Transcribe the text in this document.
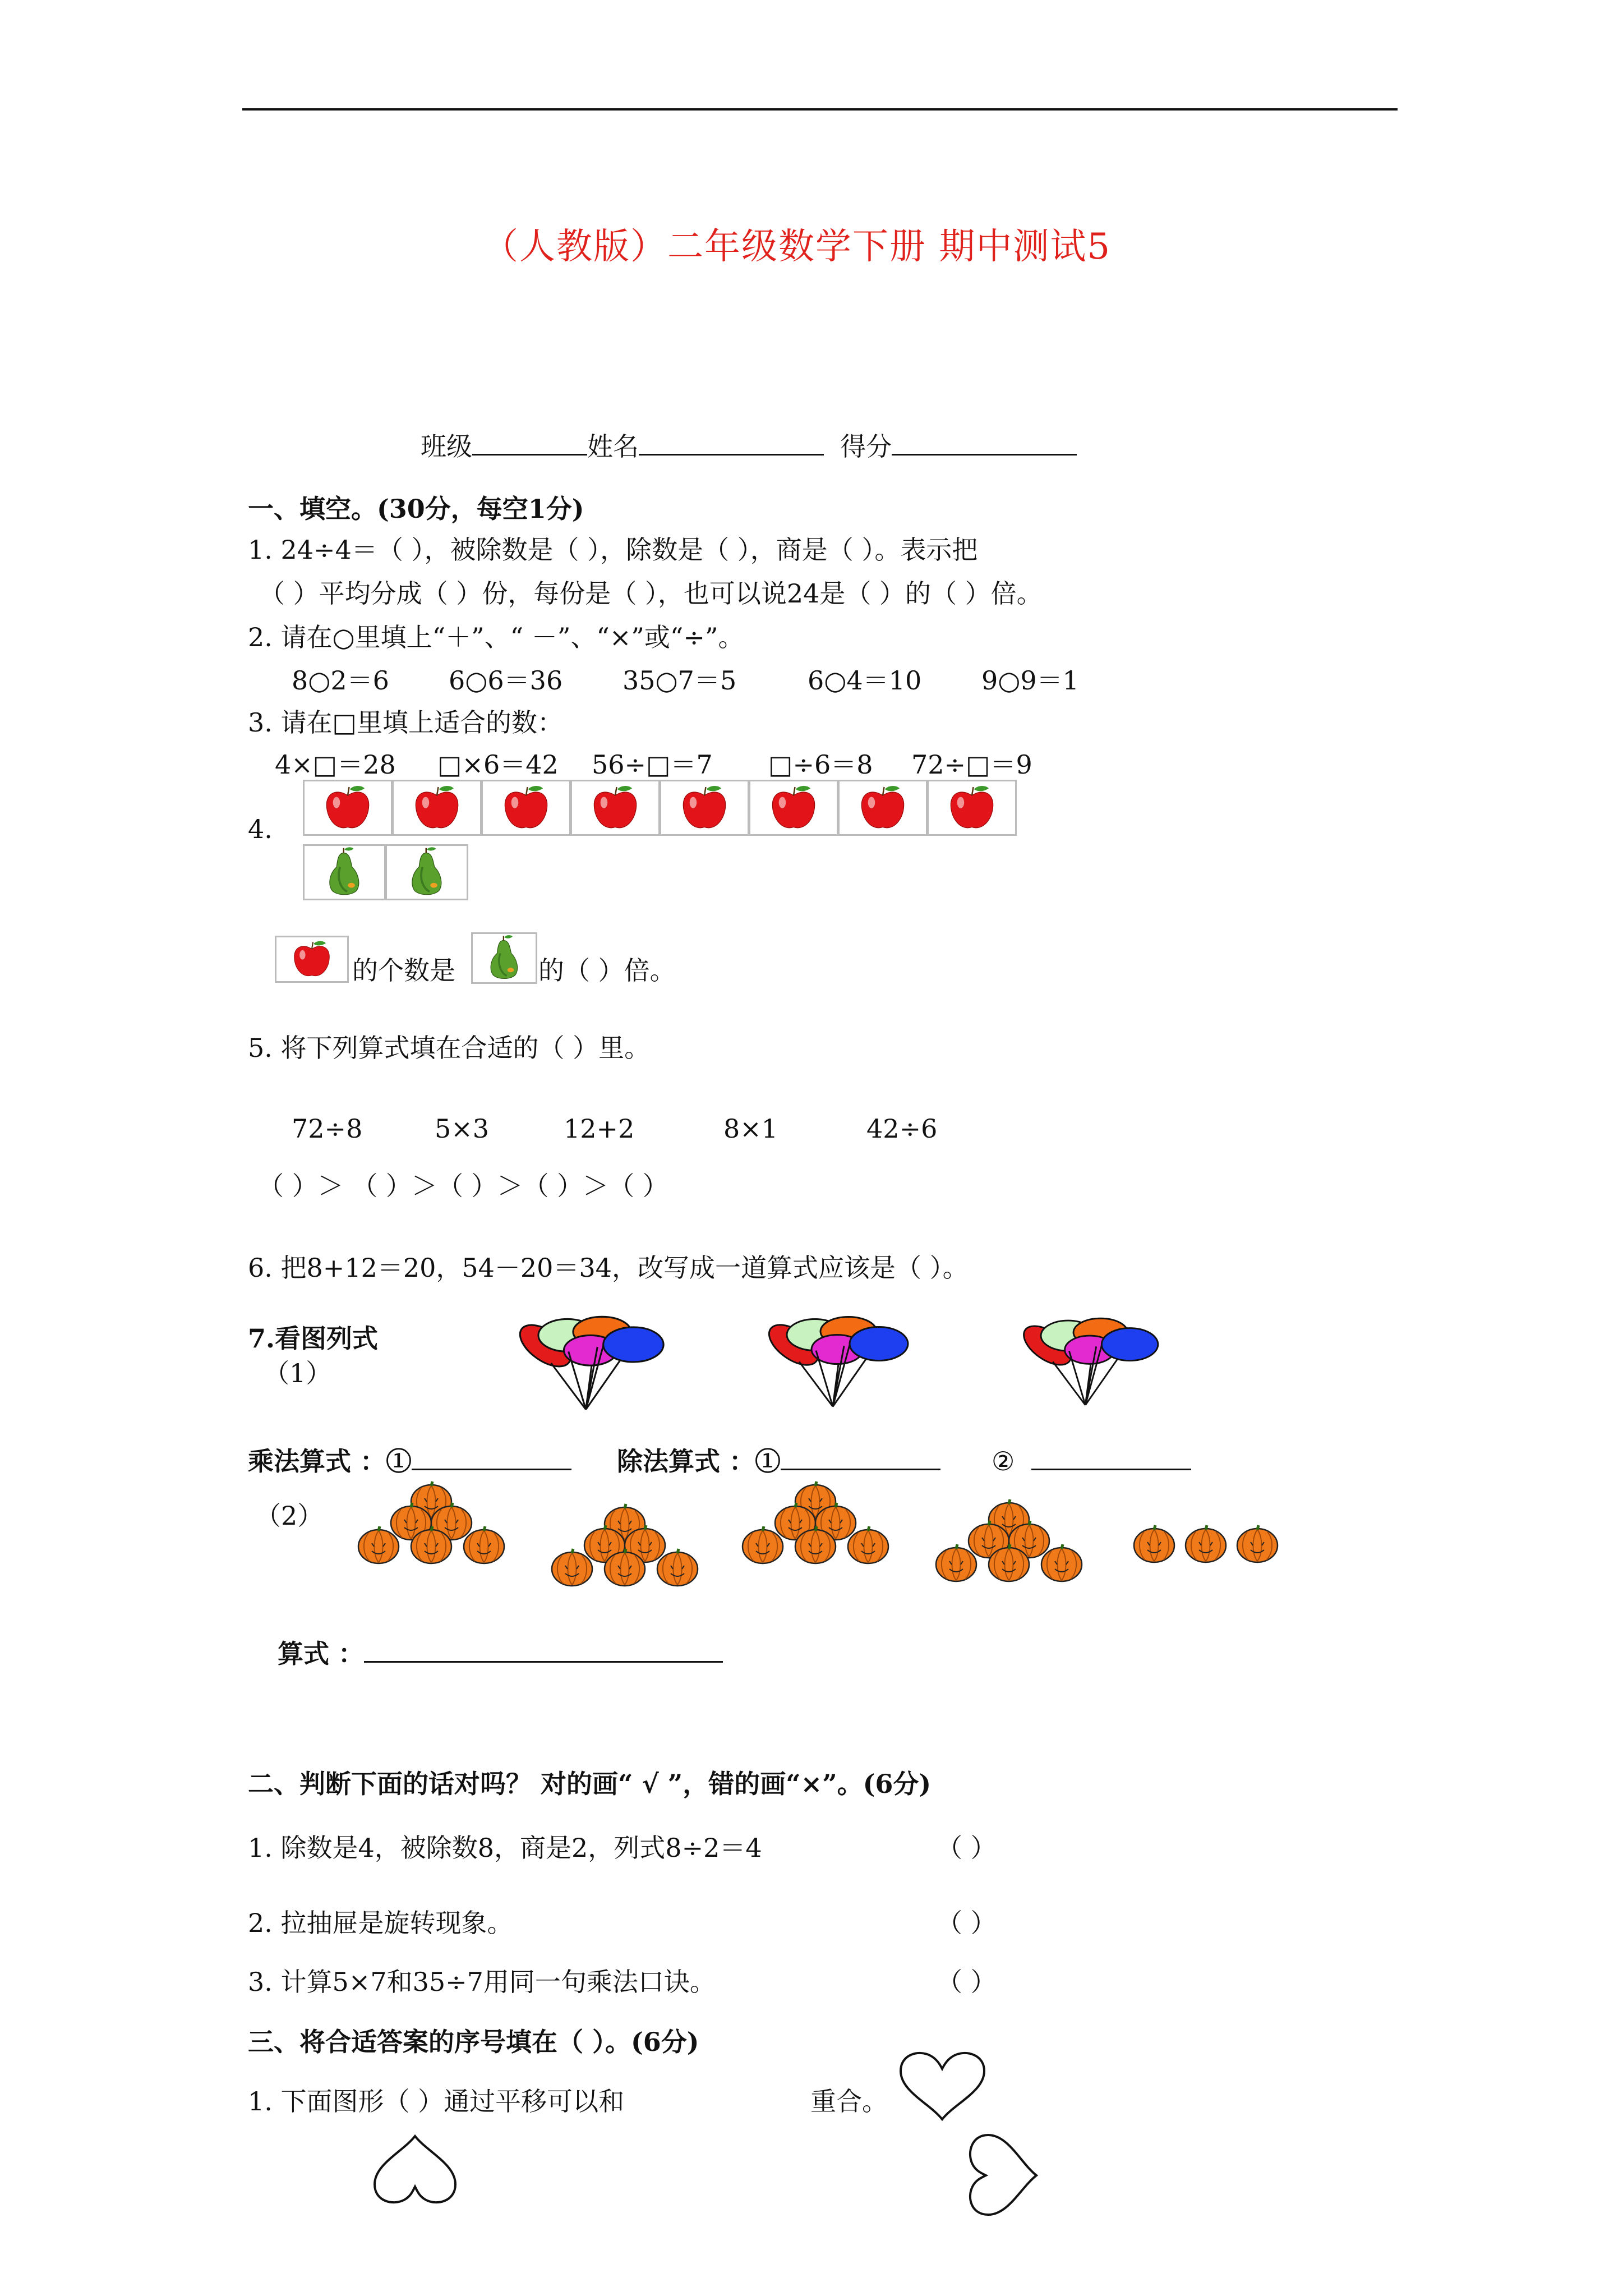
（人教版）二年级数学下册 期中测试5
班级	姓名	得分
一、填空。(30分，每空1分)
1. 24÷4＝（ ），被除数是（ ），除数是（ ），商是（ ）。表示把
（ ）平均分成（ ）份，每份是（ ），也可以说24是（ ）的（ ）倍。
2. 请在○里填上“＋”、“ －”、“×”或“÷”。
8○2＝6 6○6＝36 35○7＝5	6○4＝10 9○9＝1
3. 请在□里填上适合的数：
4×□＝28 □×6＝42 56÷□＝7 □÷6＝8 72÷□＝9
4.
的个数是	的（ ）倍。
5. 将下列算式填在合适的（ ）里。
72÷8	5×3	12+2	8×1	42÷6
（ ）＞ （ ）＞（ ）＞（ ）＞（ ）
6. 把8+12＝20，54－20＝34，改写成一道算式应该是（ ）。
7.看图列式
（1）
乘法算式 ：①	除法算式 ：①	②
（2）
算式 ：
二、判断下面的话对吗？ 对的画“ √ ”，错的画“×”。(6分)
1. 除数是4，被除数8，商是2，列式8÷2＝4	（ ）
2. 拉抽屉是旋转现象。	（ ）
3. 计算5×7和35÷7用同一句乘法口诀。	（ ）
三、将合适答案的序号填在（ ）。(6分)
1. 下面图形（ ）通过平移可以和	重合。
